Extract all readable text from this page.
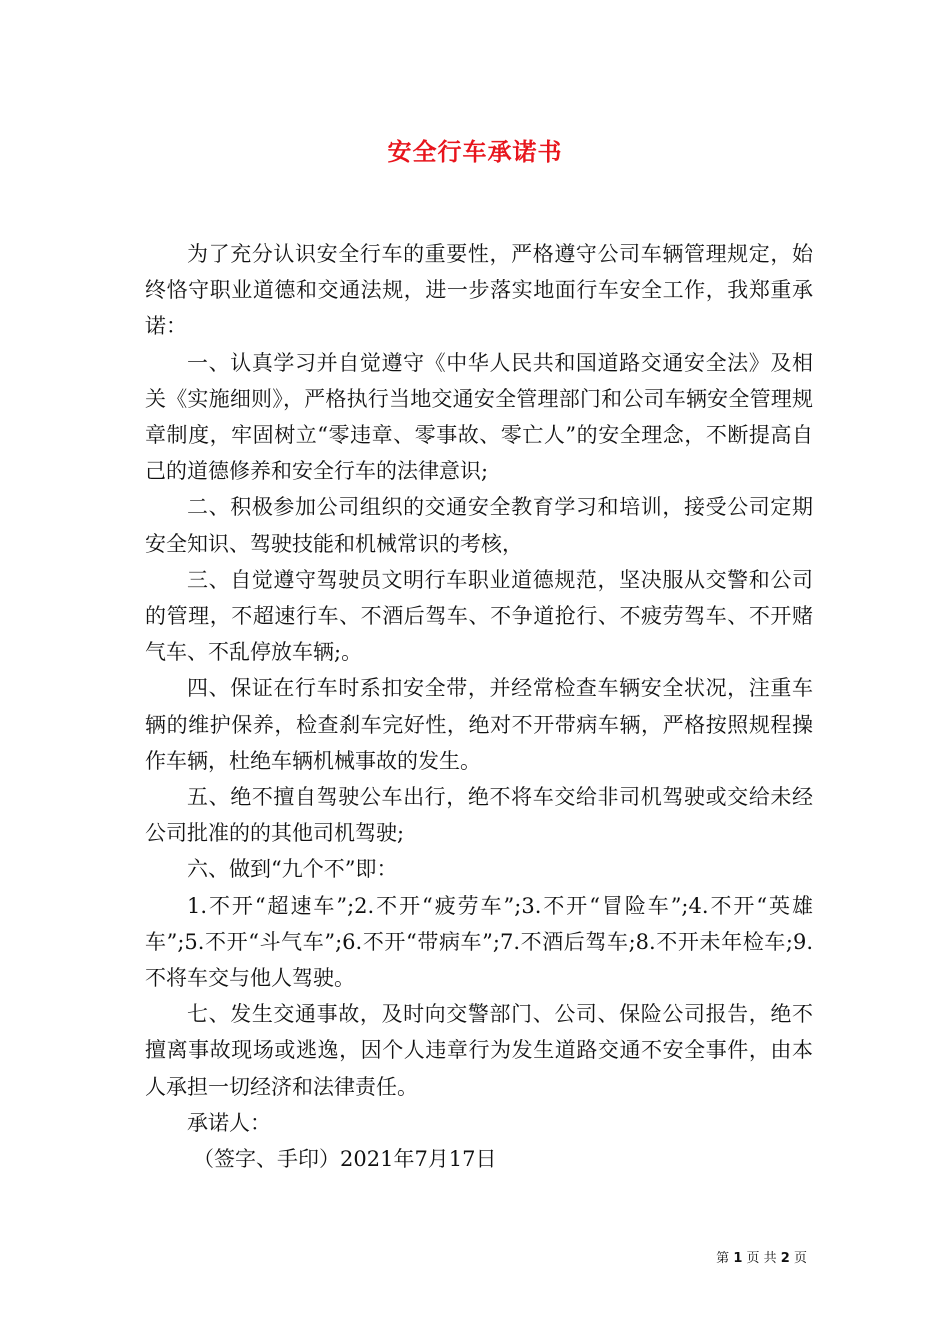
安全行车承诺书

为了充分认识安全行车的重要性，严格遵守公司车辆管理规定，始终恪守职业道德和交通法规，进一步落实地面行车安全工作，我郑重承诺：

一、认真学习并自觉遵守《中华人民共和国道路交通安全法》及相关《实施细则》，严格执行当地交通安全管理部门和公司车辆安全管理规章制度，牢固树立“零违章、零事故、零亡人”的安全理念，不断提高自己的道德修养和安全行车的法律意识;

二、积极参加公司组织的交通安全教育学习和培训，接受公司定期安全知识、驾驶技能和机械常识的考核，

三、自觉遵守驾驶员文明行车职业道德规范，坚决服从交警和公司的管理，不超速行车、不酒后驾车、不争道抢行、不疲劳驾车、不开赌气车、不乱停放车辆;。

四、保证在行车时系扣安全带，并经常检查车辆安全状况，注重车辆的维护保养，检查刹车完好性，绝对不开带病车辆，严格按照规程操作车辆，杜绝车辆机械事故的发生。

五、绝不擅自驾驶公车出行，绝不将车交给非司机驾驶或交给未经公司批准的的其他司机驾驶;

六、做到“九个不”即：

1.不开“超速车”;2.不开“疲劳车”;3.不开“冒险车”;4.不开“英雄车”;5.不开“斗气车”;6.不开“带病车”;7.不酒后驾车;8.不开未年检车;9.不将车交与他人驾驶。

七、发生交通事故，及时向交警部门、公司、保险公司报告，绝不擅离事故现场或逃逸，因个人违章行为发生道路交通不安全事件，由本人承担一切经济和法律责任。

承诺人：

（签字、手印）2021年7月17日

第 1 页 共 2 页
